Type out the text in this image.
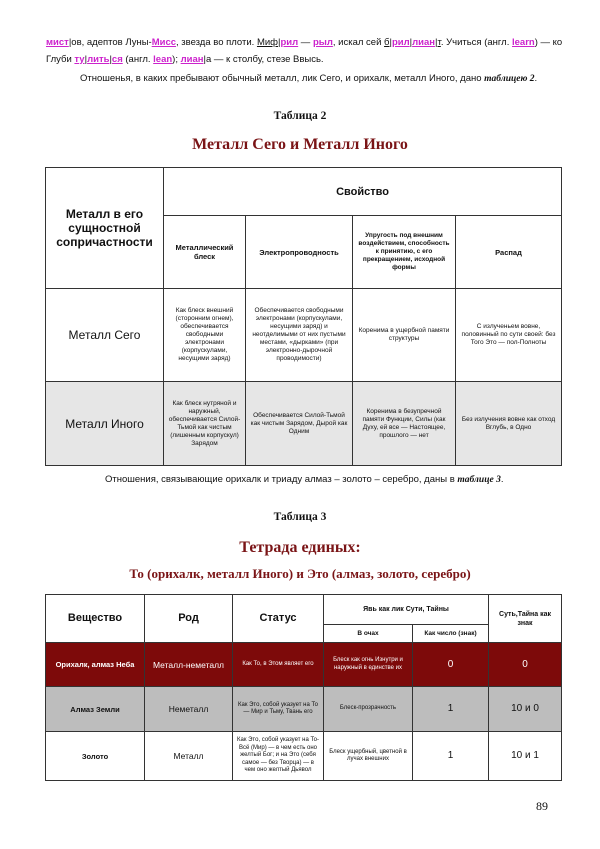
мист|ов, адептов Луны-Мисс, звезда во плоти. Миф|рил — рыл, искал сей б|рил|лиан|т. Учиться (англ. learn) — ко
Глуби ту|лить|ся (англ. lean); лиан|а — к столбу, стезе Ввысь.
Отношенья, в каких пребывают обычный металл, лик Сего, и орихалк, металл Иного, дано таблицею 2.
Таблица 2
Металл Сего и Металл Иного
Металл в его сущностной сопричастности	Свойство			
	Металлический блеск	Электропроводность	Упругость под внешним воздействием, способность к принятию, с его прекращением, исходной формы	Распад
Металл Сего	Как блеск внешний (сторонним огнем), обеспечивается свободными электронами (корпускулами, несущими заряд)	Обеспечивается свободными электронами (корпускулами, несущими заряд) и неотделимыми от них пустыми местами, «дырками» (при электронно-дырочной проводимости)	Коренима в ущербной памяти структуры	С излученьем вовне, половинный по сути своей: без Того Это — пол-Полноты
Металл Иного	Как блеск нутряной и наружный, обеспечивается Силой-Тьмой как чистым (лишенным корпускул) Зарядом	Обеспечивается Силой-Тьмой как чистым Зарядом, Дырой как Одним	Коренима в безупречной памяти Функции, Силы (как Духу, ей все — Настоящее, прошлого — нет	Без излучения вовне как отход Вглубь, в Одно
Отношения, связывающие орихалк и триаду алмаз – золото – серебро, даны в таблице 3.
Таблица 3
Тетрада единых:
То (орихалк, металл Иного) и Это (алмаз, золото, серебро)
Вещество	Род	Статус	Явь как лик Сути, Тайны		Суть,Тайна как знак
			В очах	Как число (знак)	
Орихалк, алмаз Неба	Металл-неметалл	Как То, в Этом являет его	Блеск как огнь Изнутри и наружный в единстве их	0	0
Алмаз Земли	Неметалл	Как Это, собой указует на То — Мир и Тьму, Твань его	Блеск-прозрачность	1	10 и 0
Золото	Металл	Как Это, собой указует на То-Всё (Мир) — в чем есть оно желтый Бог; и на Это (себя самое — без Творца) — в чем оно желтый Дьявол	Блеск ущербный, цветной в лучах внешних	1	10 и 1
89
